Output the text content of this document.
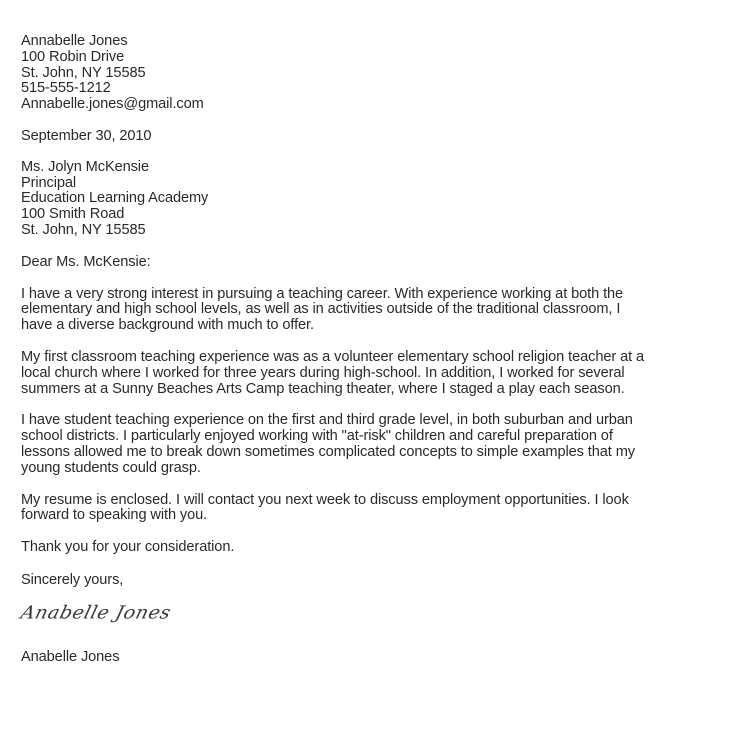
Annabelle Jones
100 Robin Drive
St. John, NY 15585
515-555-1212
Annabelle.jones@gmail.com
September 30, 2010
Ms. Jolyn McKensie
Principal
Education Learning Academy
100 Smith Road
St. John, NY 15585
Dear Ms. McKensie:
I have a very strong interest in pursuing a teaching career. With experience working at both the
elementary and high school levels, as well as in activities outside of the traditional classroom, I
have a diverse background with much to offer.
My first classroom teaching experience was as a volunteer elementary school religion teacher at a
local church where I worked for three years during high-school. In addition, I worked for several
summers at a Sunny Beaches Arts Camp teaching theater, where I staged a play each season.
I have student teaching experience on the first and third grade level, in both suburban and urban
school districts. I particularly enjoyed working with "at-risk" children and careful preparation of
lessons allowed me to break down sometimes complicated concepts to simple examples that my
young students could grasp.
My resume is enclosed. I will contact you next week to discuss employment opportunities. I look
forward to speaking with you.
Thank you for your consideration.
Sincerely yours,
Anabelle Jones
Anabelle Jones
